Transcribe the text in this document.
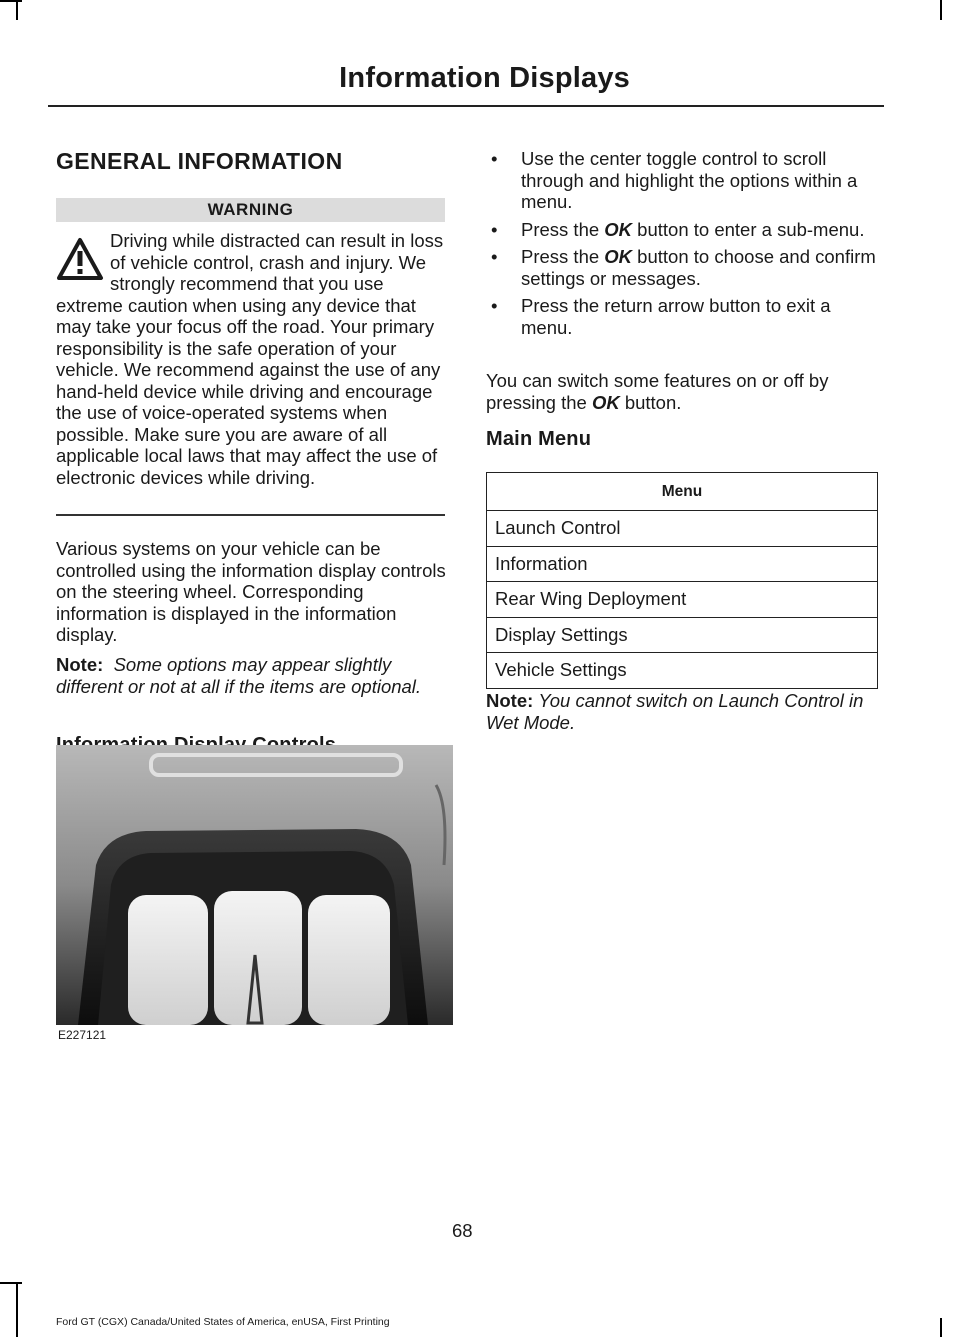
Information Displays
GENERAL INFORMATION
WARNING
Driving while distracted can result in loss of vehicle control, crash and injury. We strongly recommend that you use extreme caution when using any device that may take your focus off the road. Your primary responsibility is the safe operation of your vehicle. We recommend against the use of any hand-held device while driving and encourage the use of voice-operated systems when possible. Make sure you are aware of all applicable local laws that may affect the use of electronic devices while driving.
Various systems on your vehicle can be controlled using the information display controls on the steering wheel. Corresponding information is displayed in the information display.
Note: Some options may appear slightly different or not at all if the items are optional.
E227121
• Use the center toggle control to scroll through and highlight the options within a menu.
• Press the OK button to enter a sub-menu.
• Press the OK button to choose and confirm settings or messages.
• Press the return arrow button to exit a menu.
You can switch some features on or off by pressing the OK button.
Main Menu
Menu
Launch Control
Information
Rear Wing Deployment
Display Settings
Vehicle Settings
Note: You cannot switch on Launch Control in Wet Mode.
68
Ford GT (CGX) Canada/United States of America, enUSA, First Printing
